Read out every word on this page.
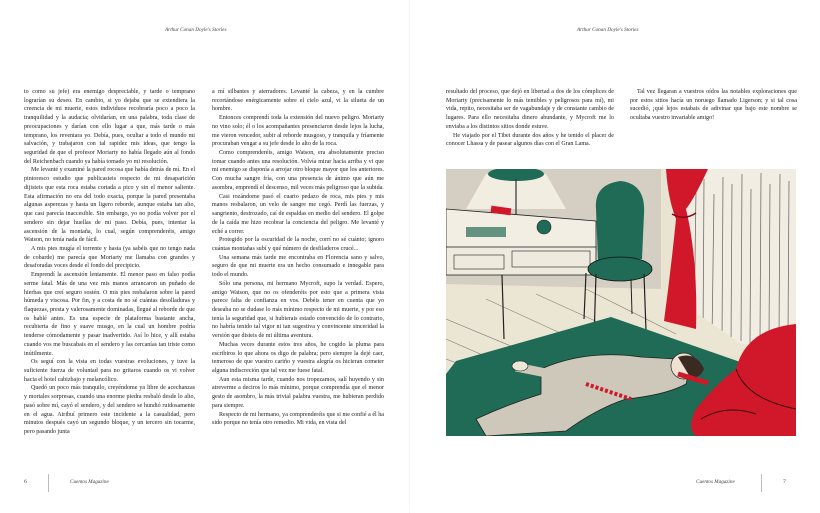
Arthur Conan Doyle's Stories

to como su jefe) era enemigo despreciable, y tarde o temprano lograrían su deseo. En cambio, si yo dejaba que se extendiera la creencia de mi muerte, estos individuos recobraría poco a poco la tranquilidad y la audacia; olvidarían, en una palabra, toda clase de preocupaciones y darían con ello lugar a que, más tarde o más temprano, los reventara yo. Debía, pues, ocultar a todo el mundo mi salvación, y trabajaron con tal rapidez mis ideas, que tengo la seguridad de que el profesor Moriarty no había llegado aún al fondo del Reichenbach cuando ya había tomado yo mi resolución.

Me levanté y examiné la pared rocosa que había detrás de mí. En el pintoresco estudio que publicasteis respecto de mi desaparición dijisteis que esta roca estaba cortada a pico y sin el menor saliente. Esta afirmación no era del todo exacta, porque la pared presentaba algunas asperezas y hasta un ligero reborde, aunque estaba tan alto, que casi parecía inaccesible. Sin embargo, yo no podía volver por el sendero sin dejar huellas de mi paso. Debía, pues, intentar la ascensión de la montaña, lo cual, según comprenderéis, amigo Watson, no tenía nada de fácil.

A mis pies mugía el torrente y hasta (ya sabéis que no tengo nada de cobarde) me parecía que Moriarty me llamaba con grandes y desaforadas voces desde el fondo del precipicio.

Emprendí la ascensión lentamente. El menor paso en falso podía serme fatal. Más de una vez mis manos arrancaron un puñado de hierbas que creí seguro sostén. O mis pies resbalaron sobre la pared húmeda y viscosa. Por fin, y a costa de no sé cuántas desolladuras y flaquezas, presta y valerosamente dominadas, llegué al reborde de que os hablé antes. Es una especie de plataforma bastante ancha, recubierta de fino y suave musgo, en la cual un hombre podría tenderse cómodamente y pasar inadvertido. Así lo hice, y allí estaba cuando vos me buscabais en el sendero y las cercanías tan triste como inútilmente.

Os seguí con la vista en todas vuestras evoluciones, y tuve la suficiente fuerza de voluntad para no gritaros cuando os vi volver hacia el hotel cabizbajo y melancólico.

Quedó un poco más tranquilo, creyéndome ya libre de acechanzas y mortales sorpresas, cuando una enorme piedra resbaló desde lo alto, pasó sobre mí, cayó el sendero, y del sendero se hundió ruidosamente en el agua. Atribuí primero este incidente a la casualidad, pero minutos después cayó un segundo bloque, y un tercero sin tocarme, pero pasando junta

a mí silbantes y aterradores. Levanté la cabeza, y en la cumbre recortándose enérgicamente sobre el cielo azul, vi la silueta de un hombre.

Entonces comprendí toda la extensión del nuevo peligro. Moriarty no vino solo; él o los acompañantes presenciaron desde lejos la lucha, me vieron vencedor, subir al reborde musgoso, y tranquila y fríamente procuraban vengar a su jefe desde lo alto de la roca.

Como comprenderéis, amigo Watson, era absolutamente preciso tomar cuando antes una resolución. Volvía mirar hacia arriba y vi que mi enemigo se disponía a arrojar otro bloque mayor que los anteriores. Con mucha sangre fría, con una presencia de ánimo que aún me asombra, emprendí el descenso, mil veces más peligroso que la subida.

Casi rozándome pasó el cuarto pedazo de roca, mis pies y mis manos resbalaron, un velo de sangre me cegó. Perdí las fuerzas, y sangriento, destrozado, caí de espaldas en medio del sendero. El golpe de la caída me hizo recobrar la conciencia del peligro. Me levanté y eché a correr.

Protegido por la oscuridad de la noche, corrí no sé cuánto; ignoro cuántas montañas subí y qué número de desfiladeros crucé...

Una semana más tarde me encontraba en Florencia sano y salvo, seguro de que mi muerte era un hecho consumado e innegable para todo el mundo.

Sólo una persona, mi hermano Mycroft, supo la verdad. Espero, amigo Watson, que no os ofenderéis por esto que a primera vista parece falta de confianza en vos. Debéis tener en cuenta que yo deseaba no se dudase lo más mínimo respecto de mi muerte, y por eso tenía la seguridad que, si hubierais estado convencido de lo contrario, no habría tenido tal vigor ni tan sugestiva y convincente sinceridad la versión que disteis de mi última aventura.

Muchas veces durante estos tres años, he cogido la pluma para escribiros lo que ahora os digo de palabra; pero siempre la dejé caer, temeroso de que vuestro cariño y vuestra alegría os hicieran cometer alguna indiscreción que tal vez me fuese fatal.

Aun esta misma tarde, cuando nos tropezamos, salí huyendo y sin atreverme a deciros lo más mínimo, porque comprendía que el menor gesto de asombro, la más trivial palabra vuestra, me hubieran perdido para siempre.

Respecto de mi hermano, ya comprenderéis que si me confié a él ha sido porque no tenía otro remedio. Mi vida, en vista del

6	Cuentos Magazine
Arthur Conan Doyle's Stories

resultado del proceso, que dejó en libertad a dos de los cómplices de Moriarty (precisamente lo más temibles y peligrosos para mí), mi vida, repito, necesitaba ser de vagabundaje y de constante cambio de lugares. Para ello necesitaba dinero abundante, y Mycroft me lo enviaba a los distintos sitios donde estuve.

He viajado por el Tibet durante dos años y he tenido el placer de conocer Lhassa y de pasear algunos días con el Gran Lama.

Tal vez llegaran a vuestros oídos las notables exploraciones que por estos sitios hacía un noruego llamado Ligerson; y si tal cosa sucedió, ¡qué lejos estabais de adivinar que bajo este nombre se ocultaba vuestro invariable amigo!

Cuentos Magazine	7
